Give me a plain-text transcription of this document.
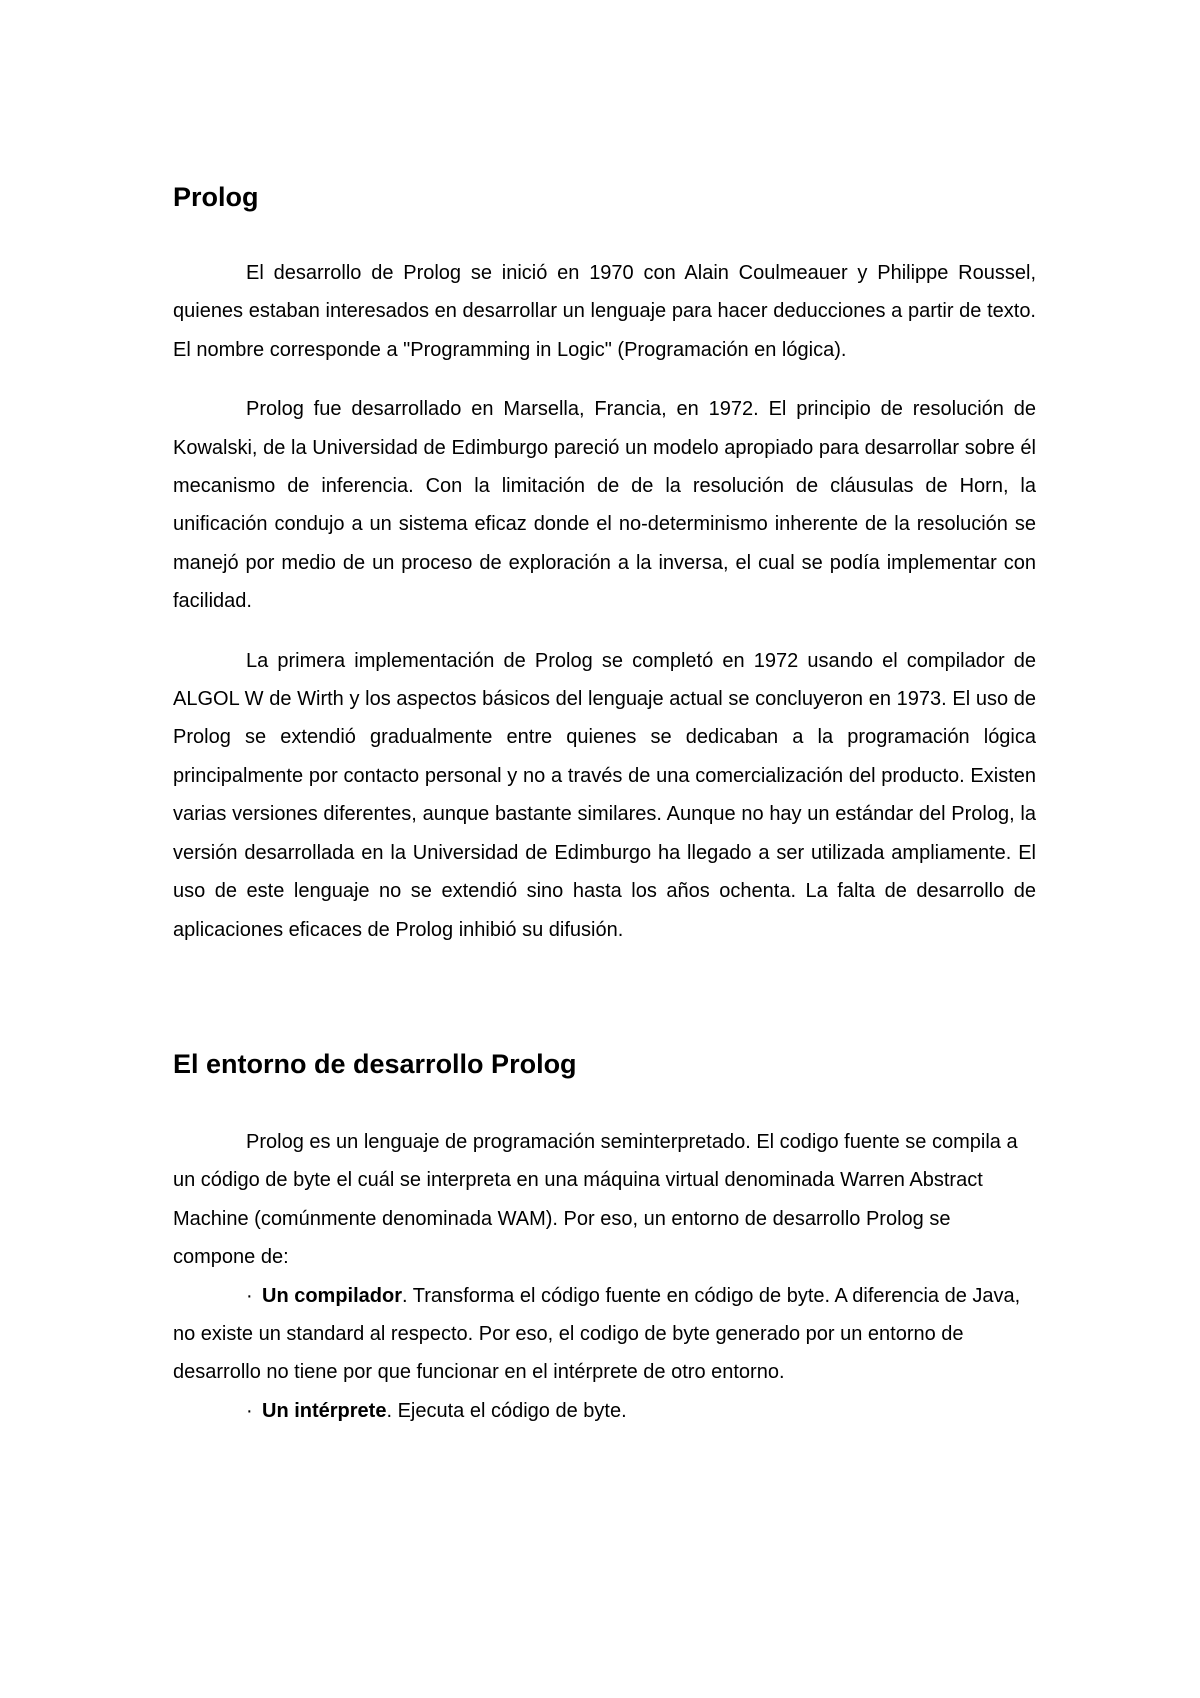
Prolog

El desarrollo de Prolog se inició en 1970 con Alain Coulmeauer y Philippe Roussel, quienes estaban interesados en desarrollar un lenguaje para hacer deducciones a partir de texto. El nombre corresponde a "Programming in Logic" (Programación en lógica).

Prolog fue desarrollado en Marsella, Francia, en 1972. El principio de resolución de Kowalski, de la Universidad de Edimburgo pareció un modelo apropiado para desarrollar sobre él mecanismo de inferencia. Con la limitación de de la resolución de cláusulas de Horn, la unificación condujo a un sistema eficaz donde el no-determinismo inherente de la resolución se manejó por medio de un proceso de exploración a la inversa, el cual se podía implementar con facilidad.

La primera implementación de Prolog se completó en 1972 usando el compilador de ALGOL W de Wirth y los aspectos básicos del lenguaje actual se concluyeron en 1973. El uso de Prolog se extendió gradualmente entre quienes se dedicaban a la programación lógica principalmente por contacto personal y no a través de una comercialización del producto. Existen varias versiones diferentes, aunque bastante similares. Aunque no hay un estándar del Prolog, la versión desarrollada en la Universidad de Edimburgo ha llegado a ser utilizada ampliamente. El uso de este lenguaje no se extendió sino hasta los años ochenta. La falta de desarrollo de aplicaciones eficaces de Prolog inhibió su difusión.

El entorno de desarrollo Prolog

Prolog es un lenguaje de programación seminterpretado. El codigo fuente se compila a un código de byte el cuál se interpreta en una máquina virtual denominada Warren Abstract Machine (comúnmente denominada WAM). Por eso, un entorno de desarrollo Prolog se compone de:

· Un compilador. Transforma el código fuente en código de byte. A diferencia de Java, no existe un standard al respecto. Por eso, el codigo de byte generado por un entorno de desarrollo no tiene por que funcionar en el intérprete de otro entorno.

· Un intérprete. Ejecuta el código de byte.
